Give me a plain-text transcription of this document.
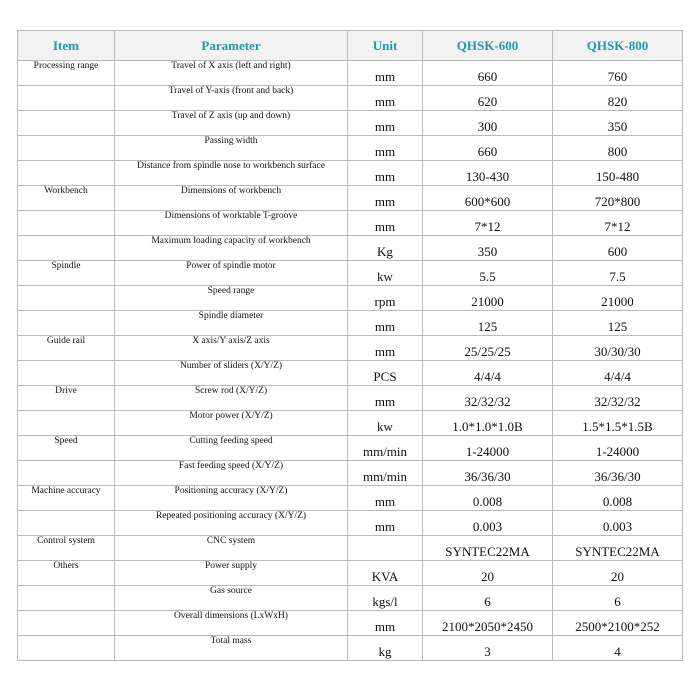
Item	Parameter	Unit	QHSK-600	QHSK-800
Processing range	Travel of X axis (left and right)	mm	660	760
	Travel of Y-axis (front and back)	mm	620	820
	Travel of Z axis (up and down)	mm	300	350
	Passing width	mm	660	800
	Distance from spindle nose to workbench surface	mm	130-430	150-480
Workbench	Dimensions of workbench	mm	600*600	720*800
	Dimensions of worktable T-groove	mm	7*12	7*12
	Maximum loading capacity of workbench	Kg	350	600
Spindle	Power of spindle motor	kw	5.5	7.5
	Speed range	rpm	21000	21000
	Spindle diameter	mm	125	125
Guide rail	X axis/Y axis/Z axis	mm	25/25/25	30/30/30
	Number of sliders (X/Y/Z)	PCS	4/4/4	4/4/4
Drive	Screw rod (X/Y/Z)	mm	32/32/32	32/32/32
	Motor power (X/Y/Z)	kw	1.0*1.0*1.0B	1.5*1.5*1.5B
Speed	Cutting feeding speed	mm/min	1-24000	1-24000
	Fast feeding speed (X/Y/Z)	mm/min	36/36/30	36/36/30
Machine accuracy	Positioning accuracy (X/Y/Z)	mm	0.008	0.008
	Repeated positioning accuracy (X/Y/Z)	mm	0.003	0.003
Control system	CNC system		SYNTEC22MA	SYNTEC22MA
Others	Power supply	KVA	20	20
	Gas source	kgs/l	6	6
	Overall dimensions (LxWxH)	mm	2100*2050*2450	2500*2100*252
	Total mass	kg	3	4
